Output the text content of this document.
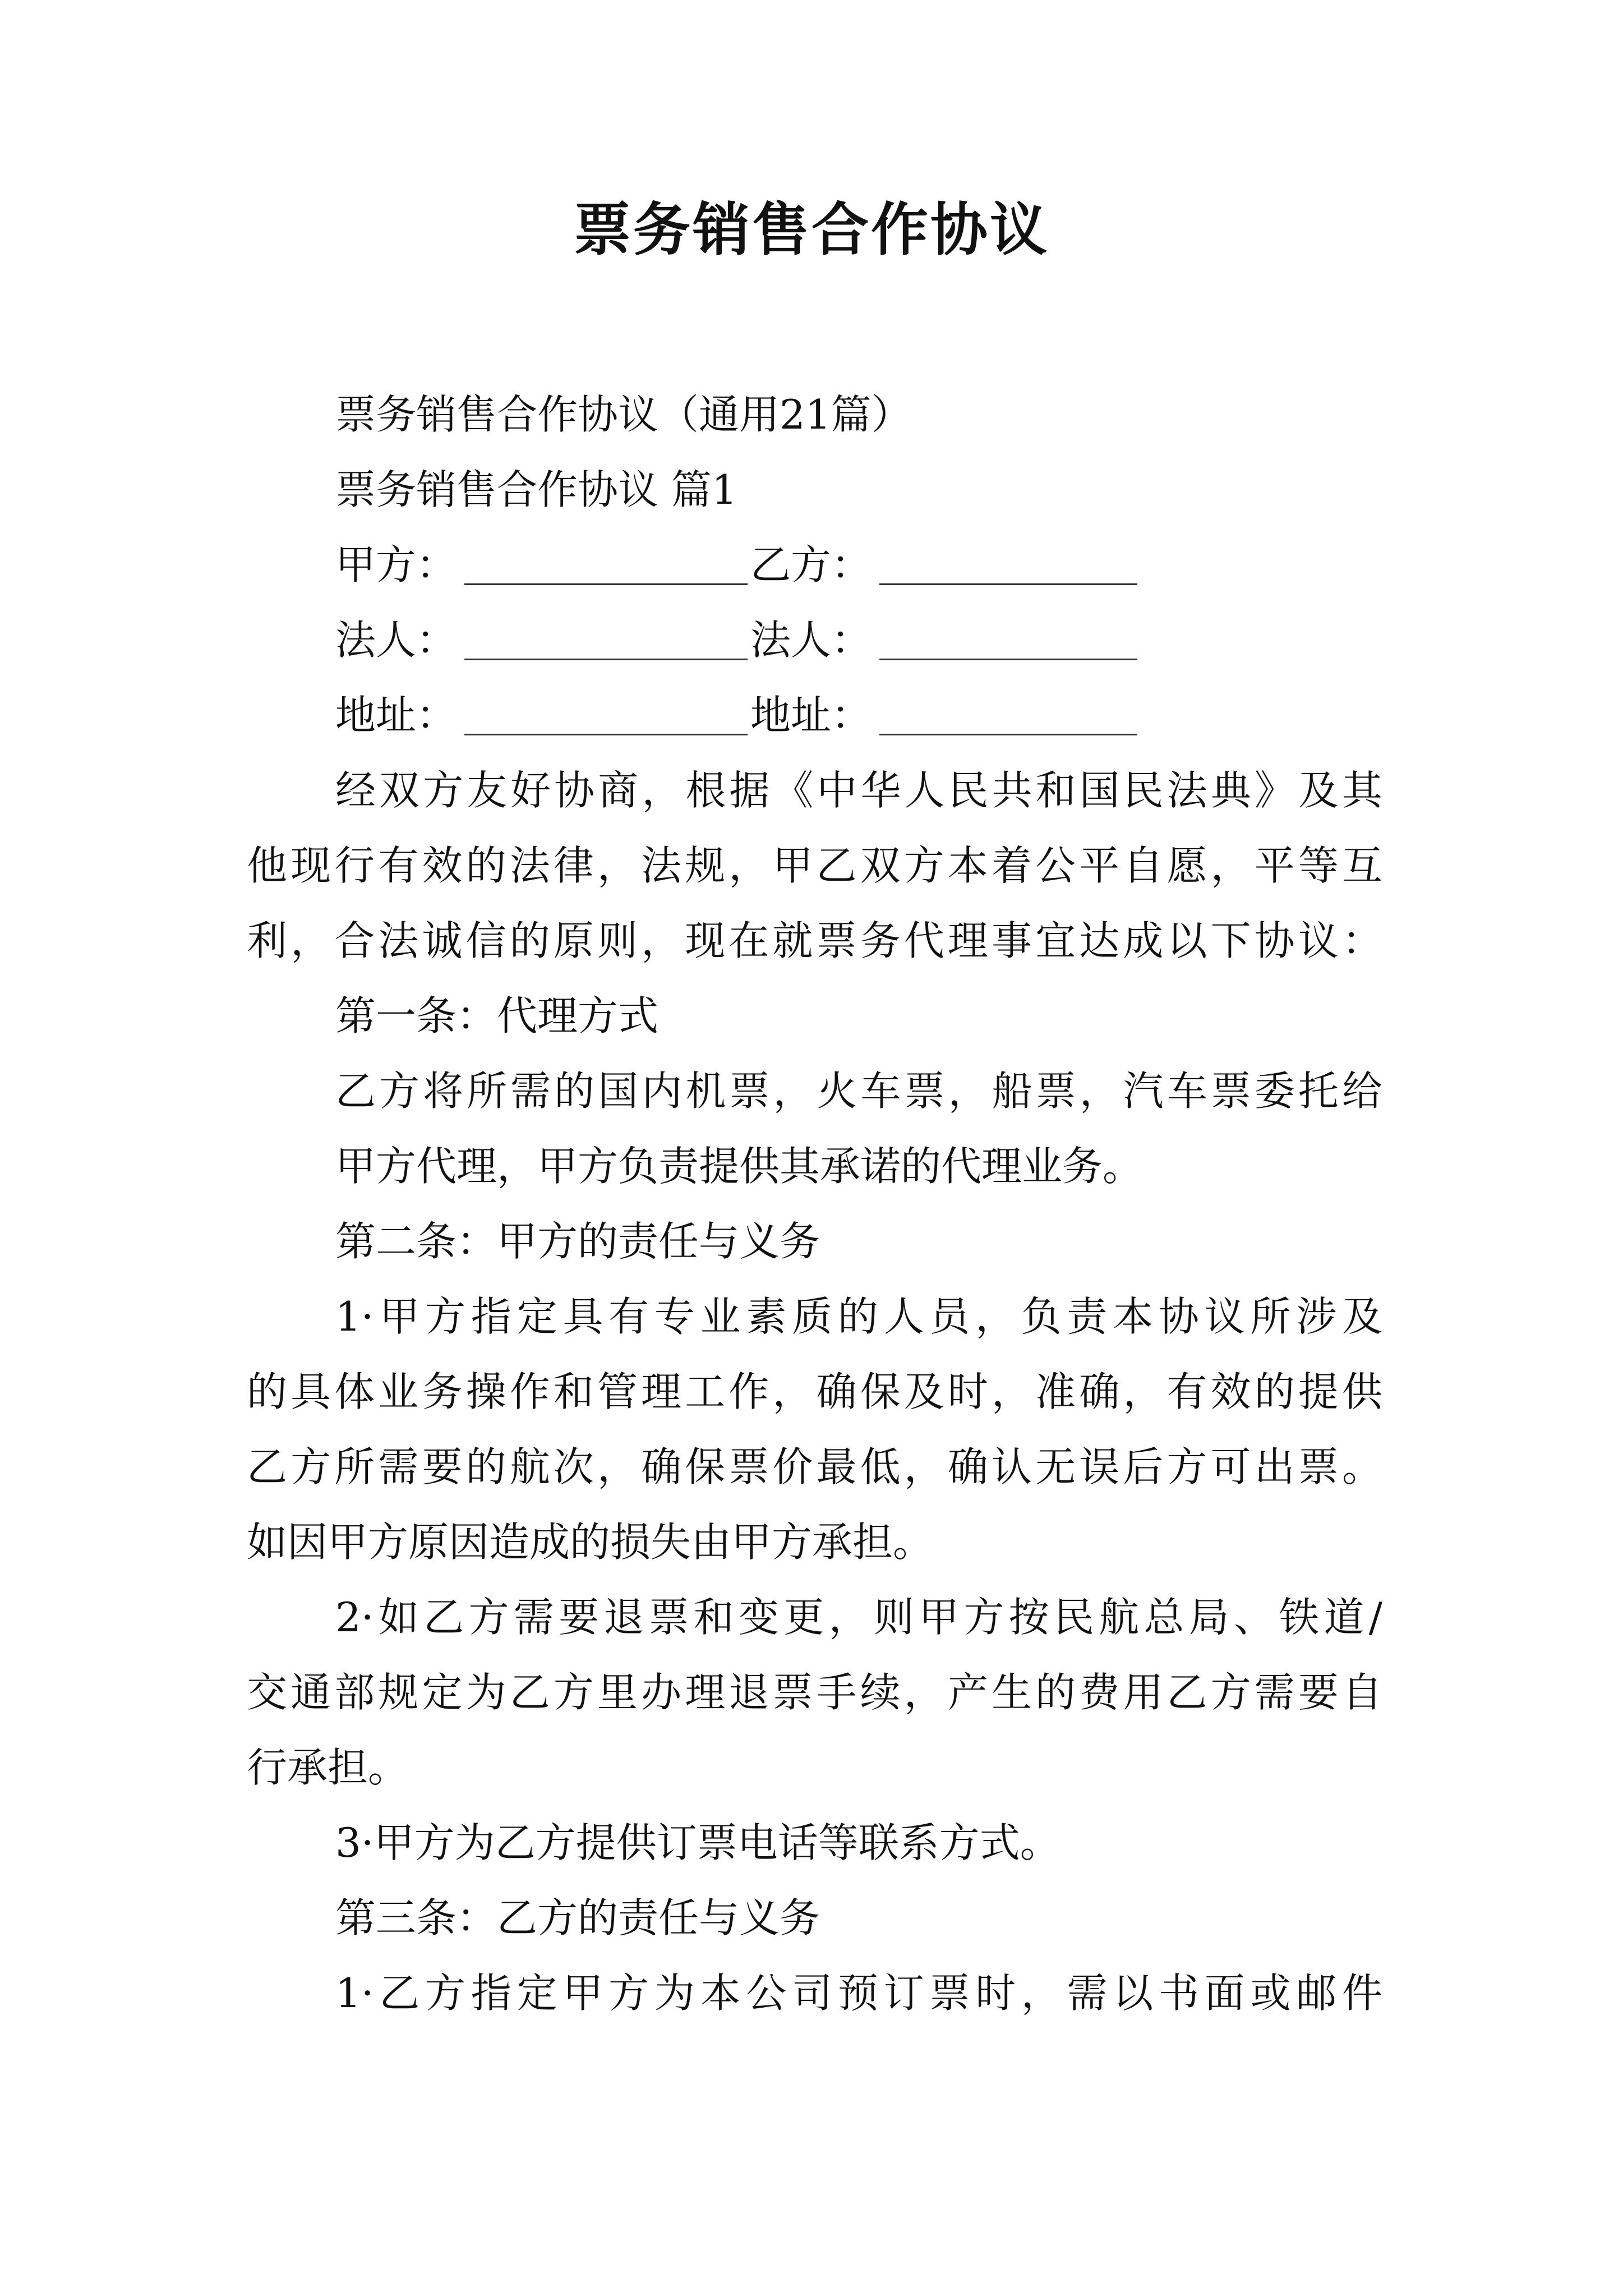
票务销售合作协议
票务销售合作协议（通用21篇）
票务销售合作协议 篇1
甲方：	乙方：
法人：	法人：
地址：	地址：
经双方友好协商，根据《中华人民共和国民法典》及其
他现行有效的法律，法规，甲乙双方本着公平自愿，平等互
利，合法诚信的原则，现在就票务代理事宜达成以下协议：
第一条：代理方式
乙方将所需的国内机票，火车票，船票，汽车票委托给
甲方代理，甲方负责提供其承诺的代理业务。
第二条：甲方的责任与义务
1·甲方指定具有专业素质的人员，负责本协议所涉及
的具体业务操作和管理工作，确保及时，准确，有效的提供
乙方所需要的航次，确保票价最低，确认无误后方可出票。
如因甲方原因造成的损失由甲方承担。
2·如乙方需要退票和变更，则甲方按民航总局、铁道/
交通部规定为乙方里办理退票手续，产生的费用乙方需要自
行承担。
3·甲方为乙方提供订票电话等联系方式。
第三条：乙方的责任与义务
1·乙方指定甲方为本公司预订票时，需以书面或邮件
